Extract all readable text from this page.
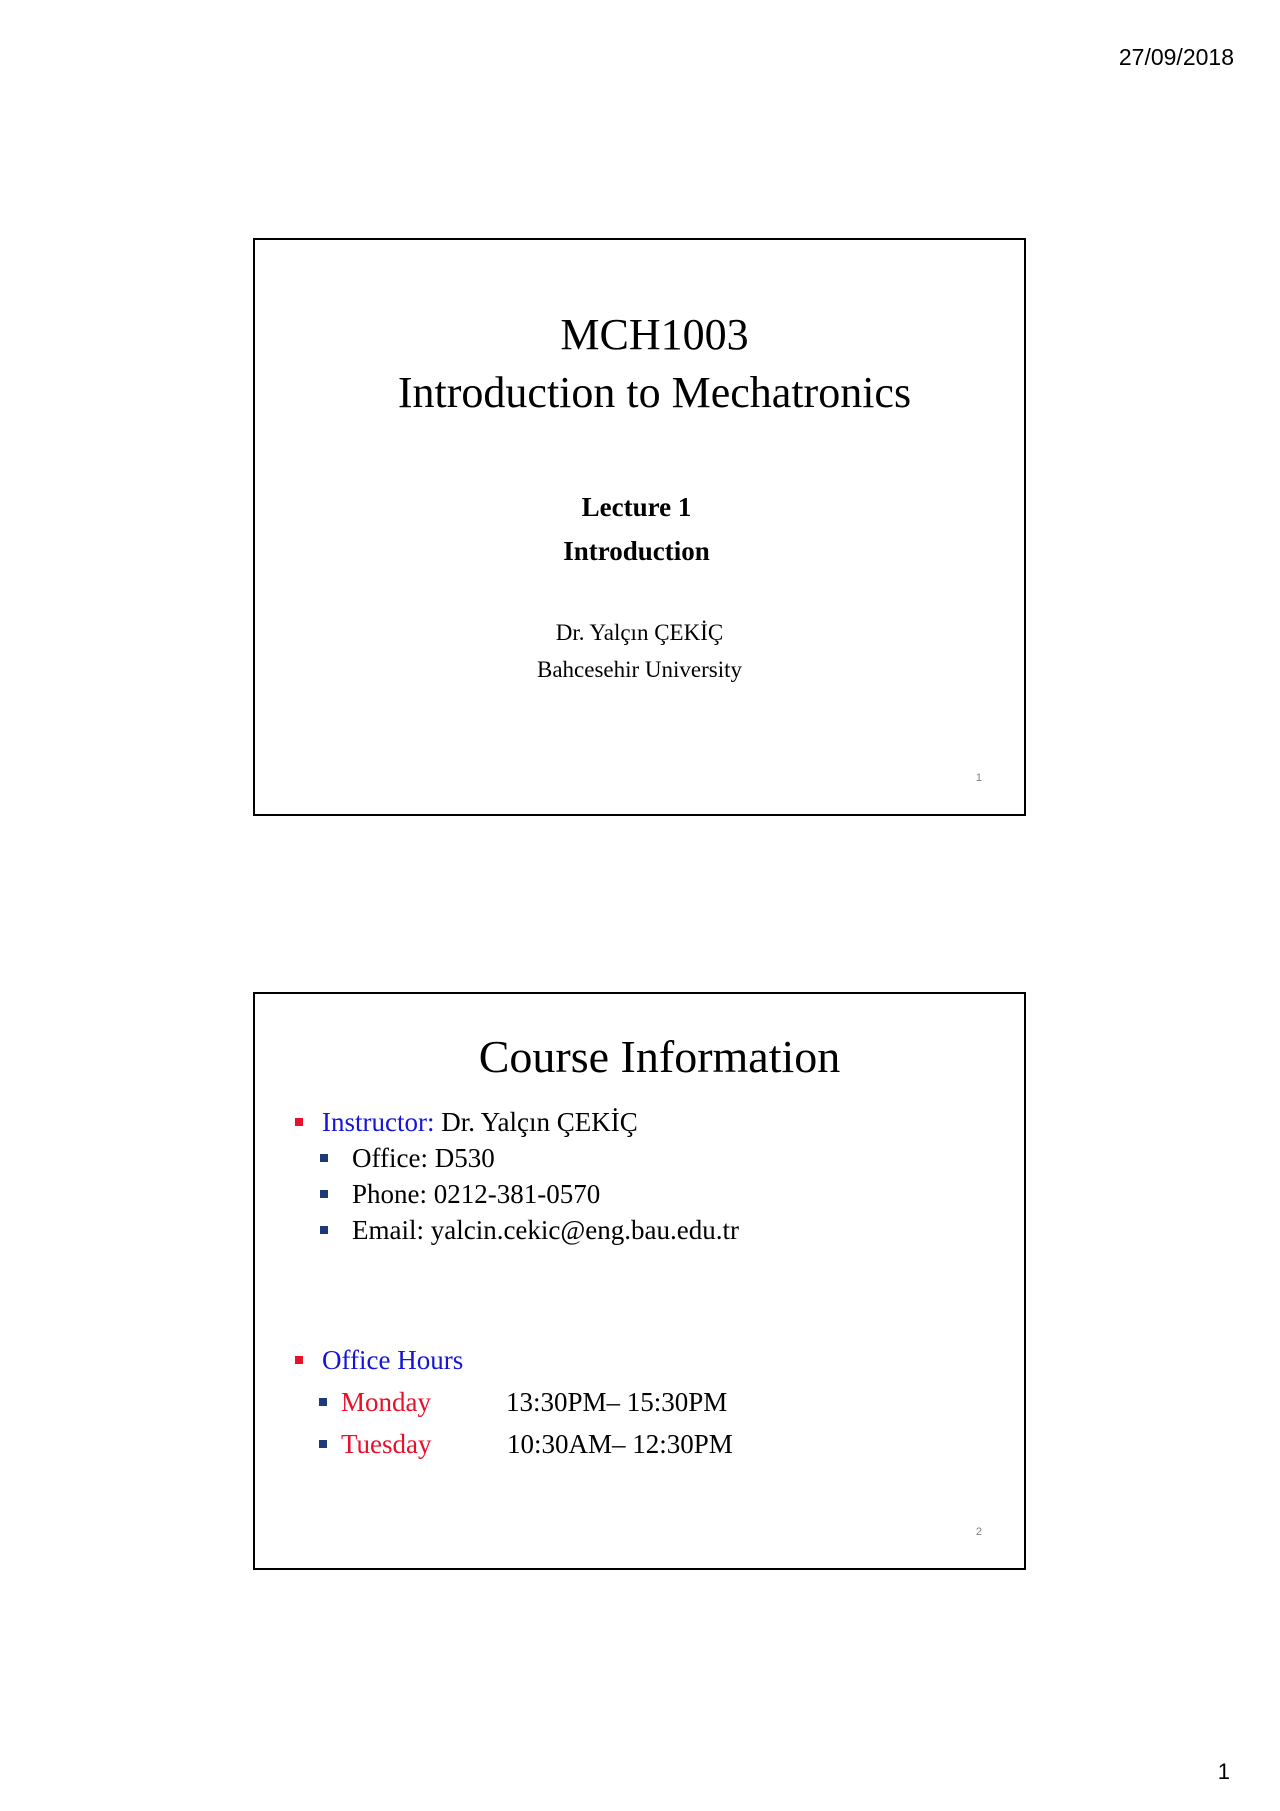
27/09/2018
MCH1003
Introduction to Mechatronics
Lecture 1
Introduction
Dr. Yalçın ÇEKİÇ
Bahcesehir University
1
Course Information
Instructor: Dr. Yalçın ÇEKİÇ
Office: D530
Phone: 0212-381-0570
Email: yalcin.cekic@eng.bau.edu.tr
Office Hours
Monday	13:30PM– 15:30PM
Tuesday	10:30AM– 12:30PM
2
1
